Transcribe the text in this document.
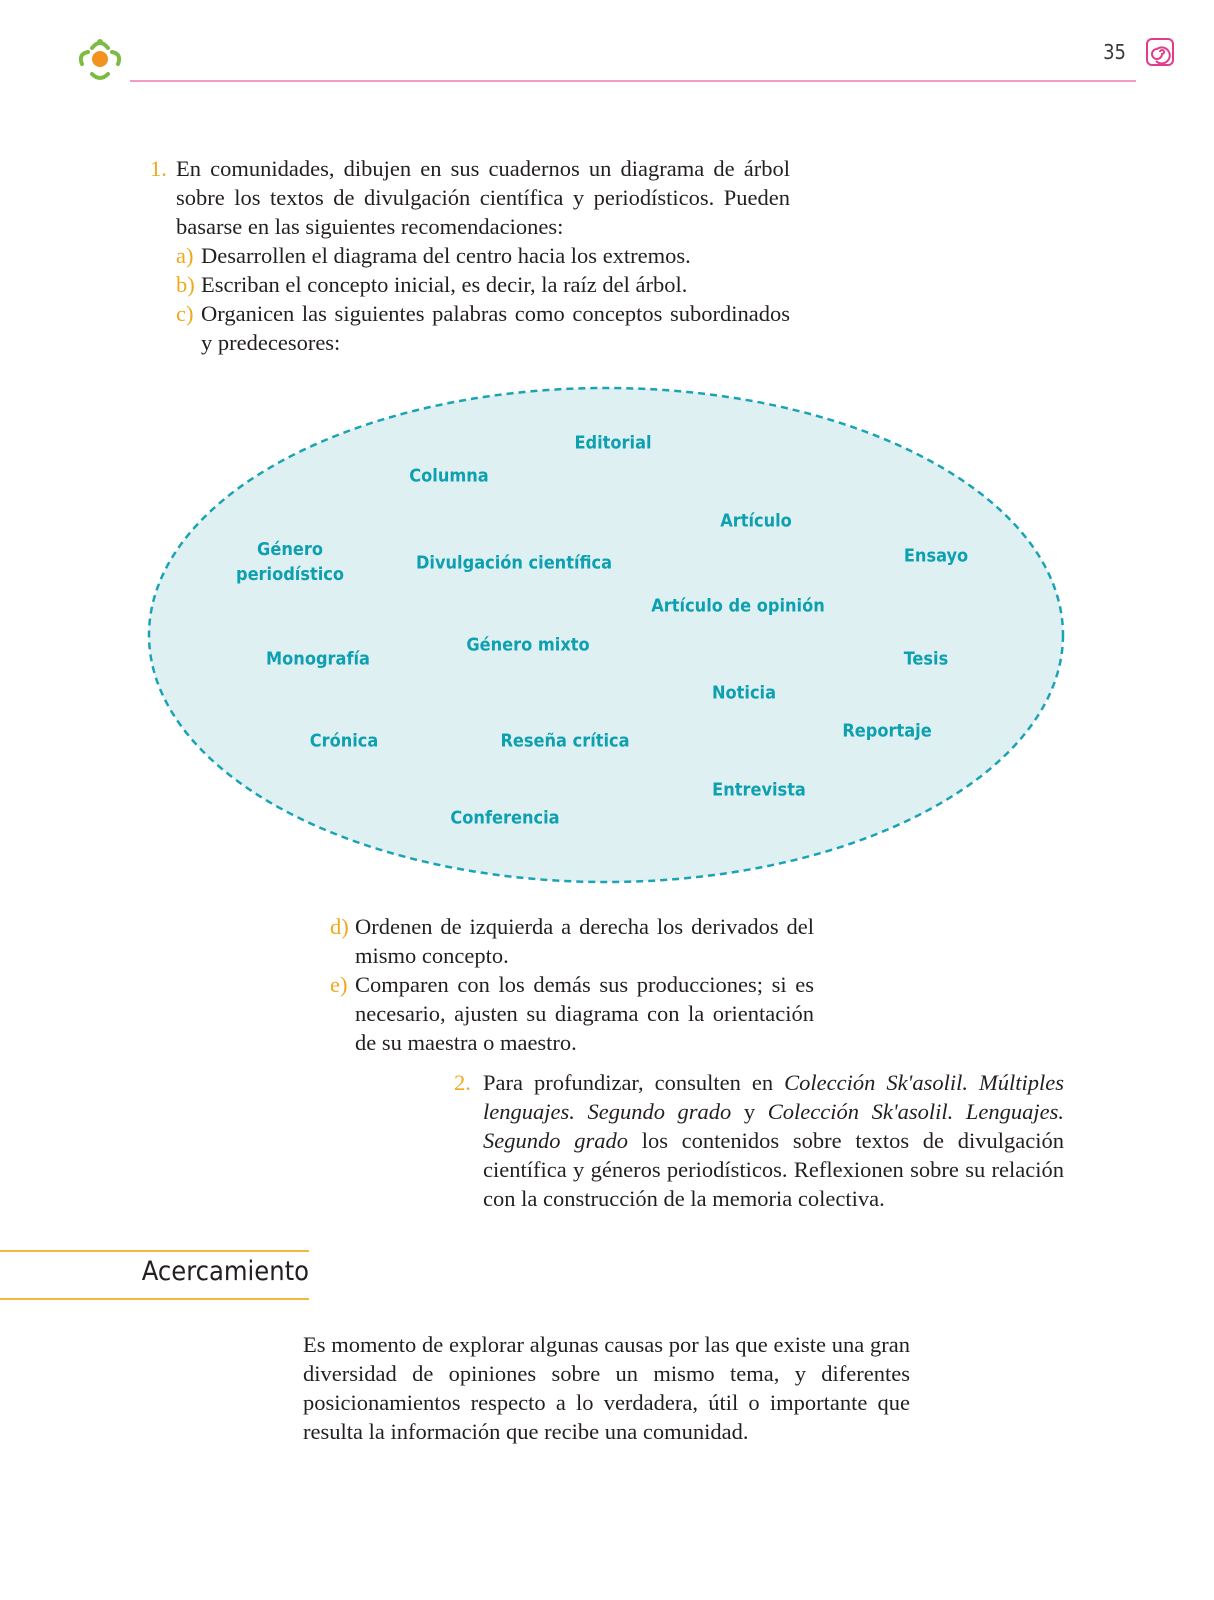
35
1. En comunidades, dibujen en sus cuadernos un diagrama de árbol sobre los textos de divulgación científica y periodísticos. Pueden basarse en las siguientes recomendaciones:
a) Desarrollen el diagrama del centro hacia los extremos.
b) Escriban el concepto inicial, es decir, la raíz del árbol.
c) Organicen las siguientes palabras como conceptos subordinados y predecesores:
Editorial
Columna
Artículo
Género
periodístico
Divulgación científica	Ensayo
Artículo de opinión
Monografía
Género mixto
Tesis
Noticia
Crónica	Reseña crítica	Reportaje
Entrevista
Conferencia
d) Ordenen de izquierda a derecha los derivados del mismo concepto.
e) Comparen con los demás sus producciones; si es necesario, ajusten su diagrama con la orientación de su maestra o maestro.
2. Para profundizar, consulten en Colección Sk'asolil. Múltiples lenguajes. Segundo grado y Colección Sk'asolil. Lenguajes. Segundo grado los contenidos sobre textos de divulgación científica y géneros periodísticos. Reflexionen sobre su relación con la construcción de la memoria colectiva.
Acercamiento
Es momento de explorar algunas causas por las que existe una gran diversidad de opiniones sobre un mismo tema, y diferentes posicionamientos respecto a lo verdadera, útil o importante que resulta la información que recibe una comunidad.
